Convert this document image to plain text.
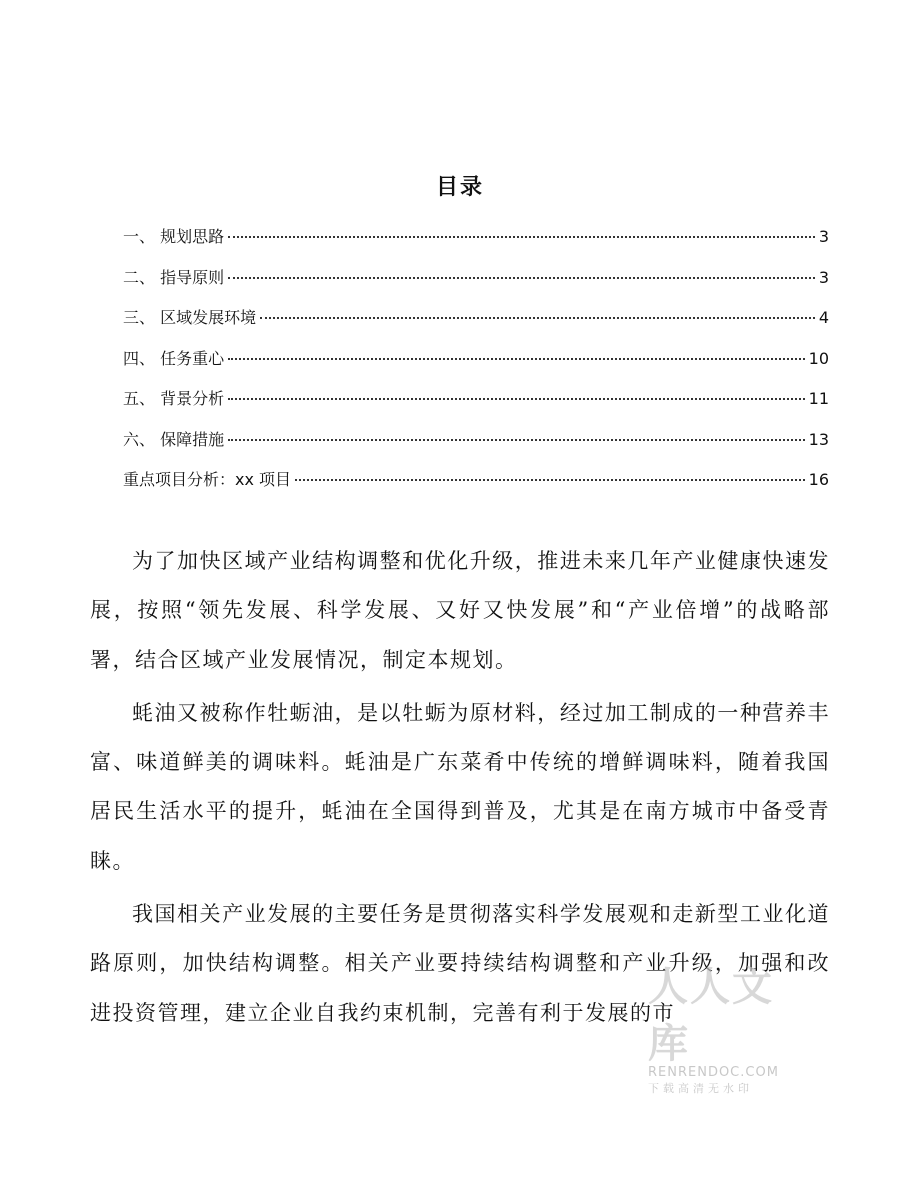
目录
一、 规划思路	3
二、 指导原则	3
三、 区域发展环境	4
四、 任务重心	10
五、 背景分析	11
六、 保障措施	13
重点项目分析：xx 项目	16

为了加快区域产业结构调整和优化升级，推进未来几年产业健康快速发展，按照“领先发展、科学发展、又好又快发展”和“产业倍增”的战略部署，结合区域产业发展情况，制定本规划。

蚝油又被称作牡蛎油，是以牡蛎为原材料，经过加工制成的一种营养丰富、味道鲜美的调味料。蚝油是广东菜肴中传统的增鲜调味料，随着我国居民生活水平的提升，蚝油在全国得到普及，尤其是在南方城市中备受青睐。

我国相关产业发展的主要任务是贯彻落实科学发展观和走新型工业化道路原则，加快结构调整。相关产业要持续结构调整和产业升级，加强和改进投资管理，建立企业自我约束机制，完善有利于发展的市

人人文库
RENRENDOC.COM
下载高清无水印
